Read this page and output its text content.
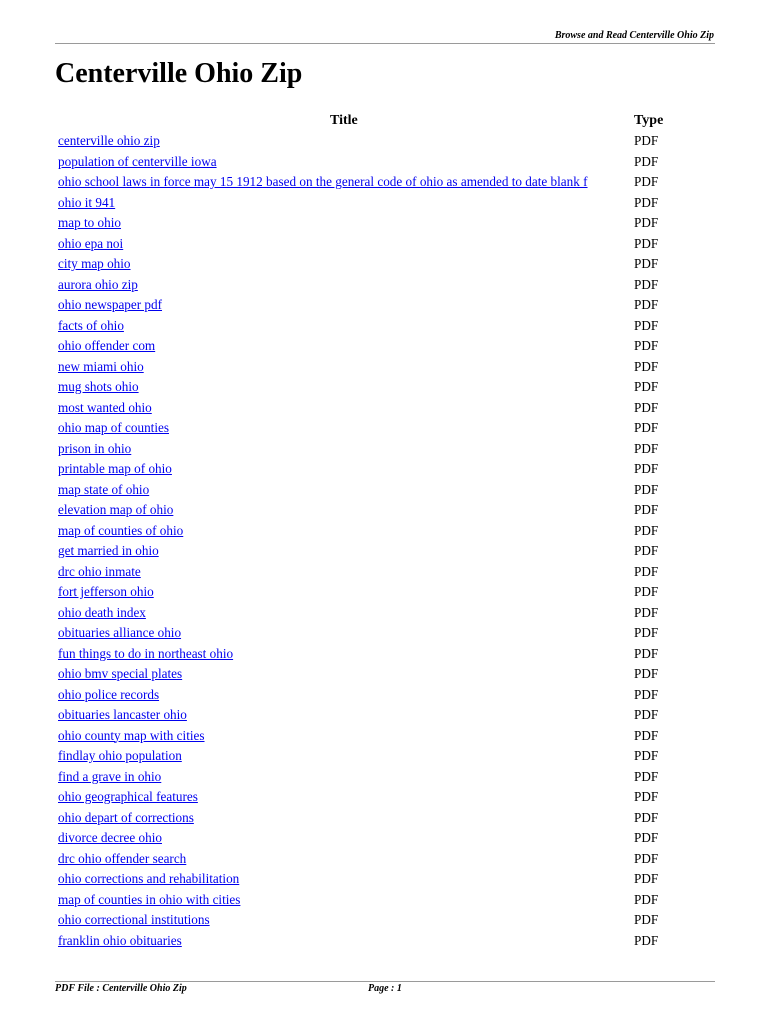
Browse and Read Centerville Ohio Zip
Centerville Ohio Zip
Title	Type
centerville ohio zip	PDF
population of centerville iowa	PDF
ohio school laws in force may 15 1912 based on the general code of ohio as amended to date blank f	PDF
ohio it 941	PDF
map to ohio	PDF
ohio epa noi	PDF
city map ohio	PDF
aurora ohio zip	PDF
ohio newspaper pdf	PDF
facts of ohio	PDF
ohio offender com	PDF
new miami ohio	PDF
mug shots ohio	PDF
most wanted ohio	PDF
ohio map of counties	PDF
prison in ohio	PDF
printable map of ohio	PDF
map state of ohio	PDF
elevation map of ohio	PDF
map of counties of ohio	PDF
get married in ohio	PDF
drc ohio inmate	PDF
fort jefferson ohio	PDF
ohio death index	PDF
obituaries alliance ohio	PDF
fun things to do in northeast ohio	PDF
ohio bmv special plates	PDF
ohio police records	PDF
obituaries lancaster ohio	PDF
ohio county map with cities	PDF
findlay ohio population	PDF
find a grave in ohio	PDF
ohio geographical features	PDF
ohio depart of corrections	PDF
divorce decree ohio	PDF
drc ohio offender search	PDF
ohio corrections and rehabilitation	PDF
map of counties in ohio with cities	PDF
ohio correctional institutions	PDF
franklin ohio obituaries	PDF
PDF File : Centerville Ohio Zip	Page : 1
